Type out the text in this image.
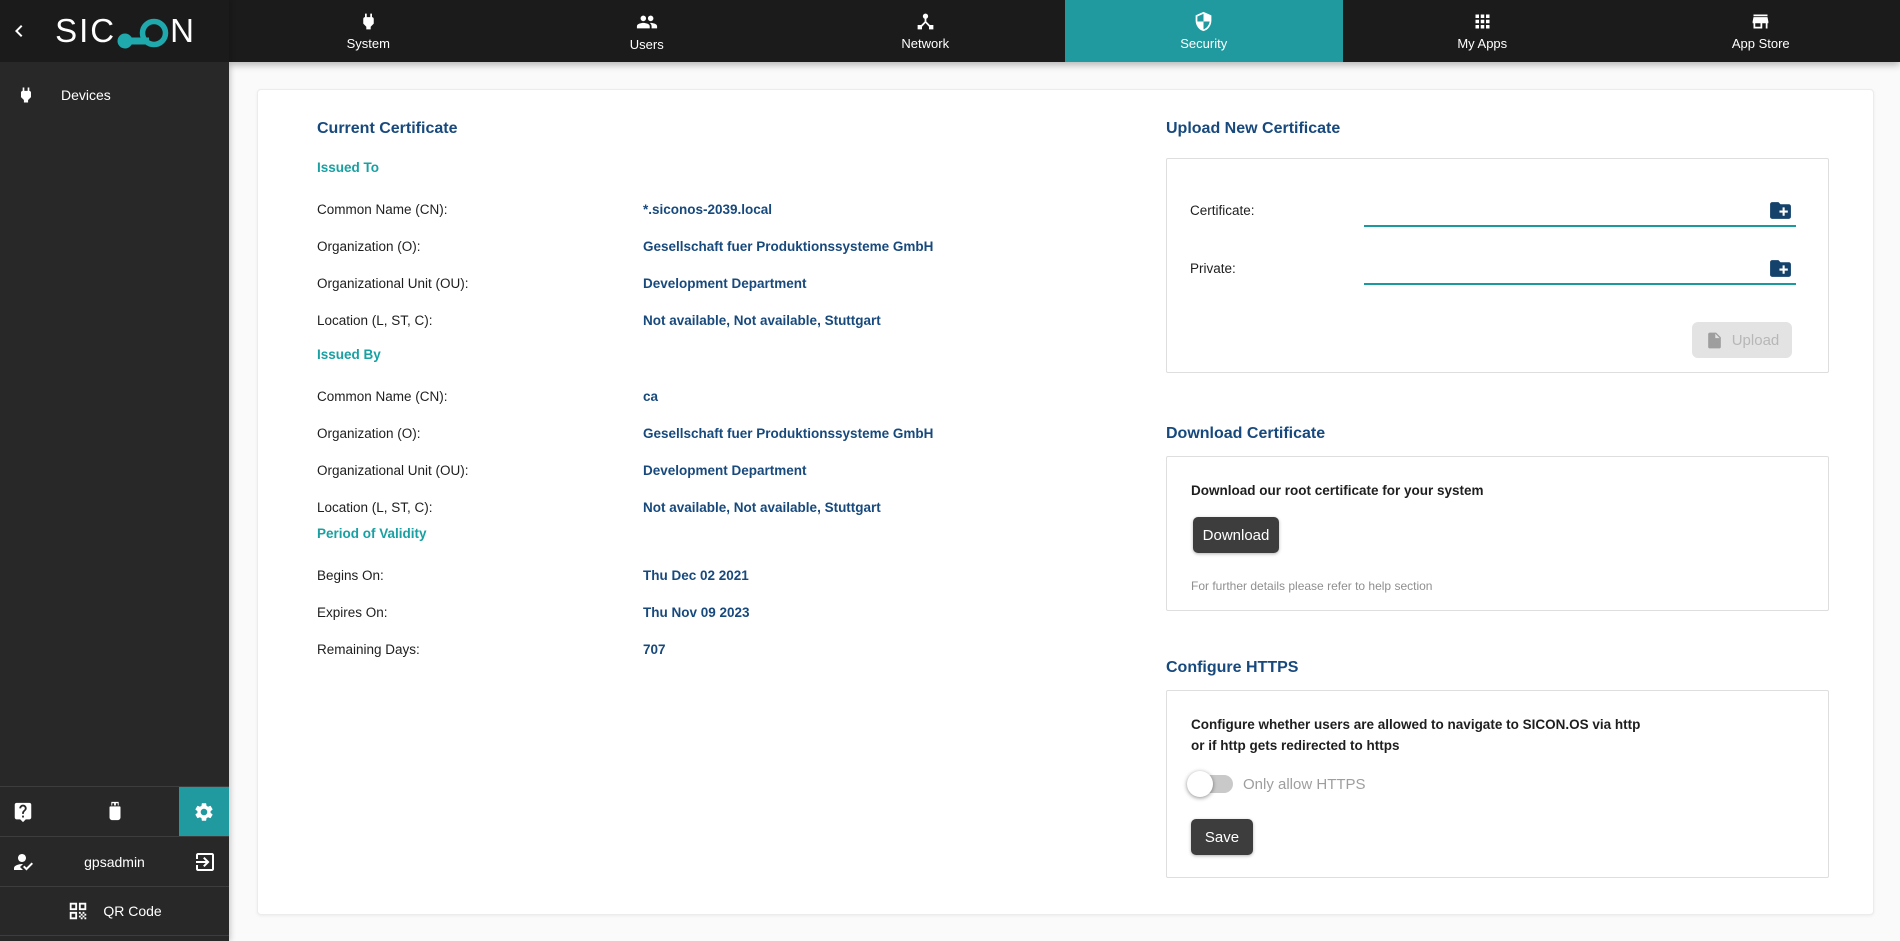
SIC N
Devices
gpsadmin
QR Code
System	Users	Network	Security	My Apps	App Store
Current Certificate
Issued To
Common Name (CN):	*.siconos-2039.local
Organization (O):	Gesellschaft fuer Produktionssysteme GmbH
Organizational Unit (OU):	Development Department
Location (L, ST, C):	Not available, Not available, Stuttgart
Issued By
Common Name (CN):	ca
Organization (O):	Gesellschaft fuer Produktionssysteme GmbH
Organizational Unit (OU):	Development Department
Location (L, ST, C):	Not available, Not available, Stuttgart
Period of Validity
Begins On:	Thu Dec 02 2021
Expires On:	Thu Nov 09 2023
Remaining Days:	707
Upload New Certificate
Certificate:
Private:
Upload
Download Certificate
Download our root certificate for your system
Download
For further details please refer to help section
Configure HTTPS
Configure whether users are allowed to navigate to SICON.OS via http
or if http gets redirected to https
Only allow HTTPS
Save
